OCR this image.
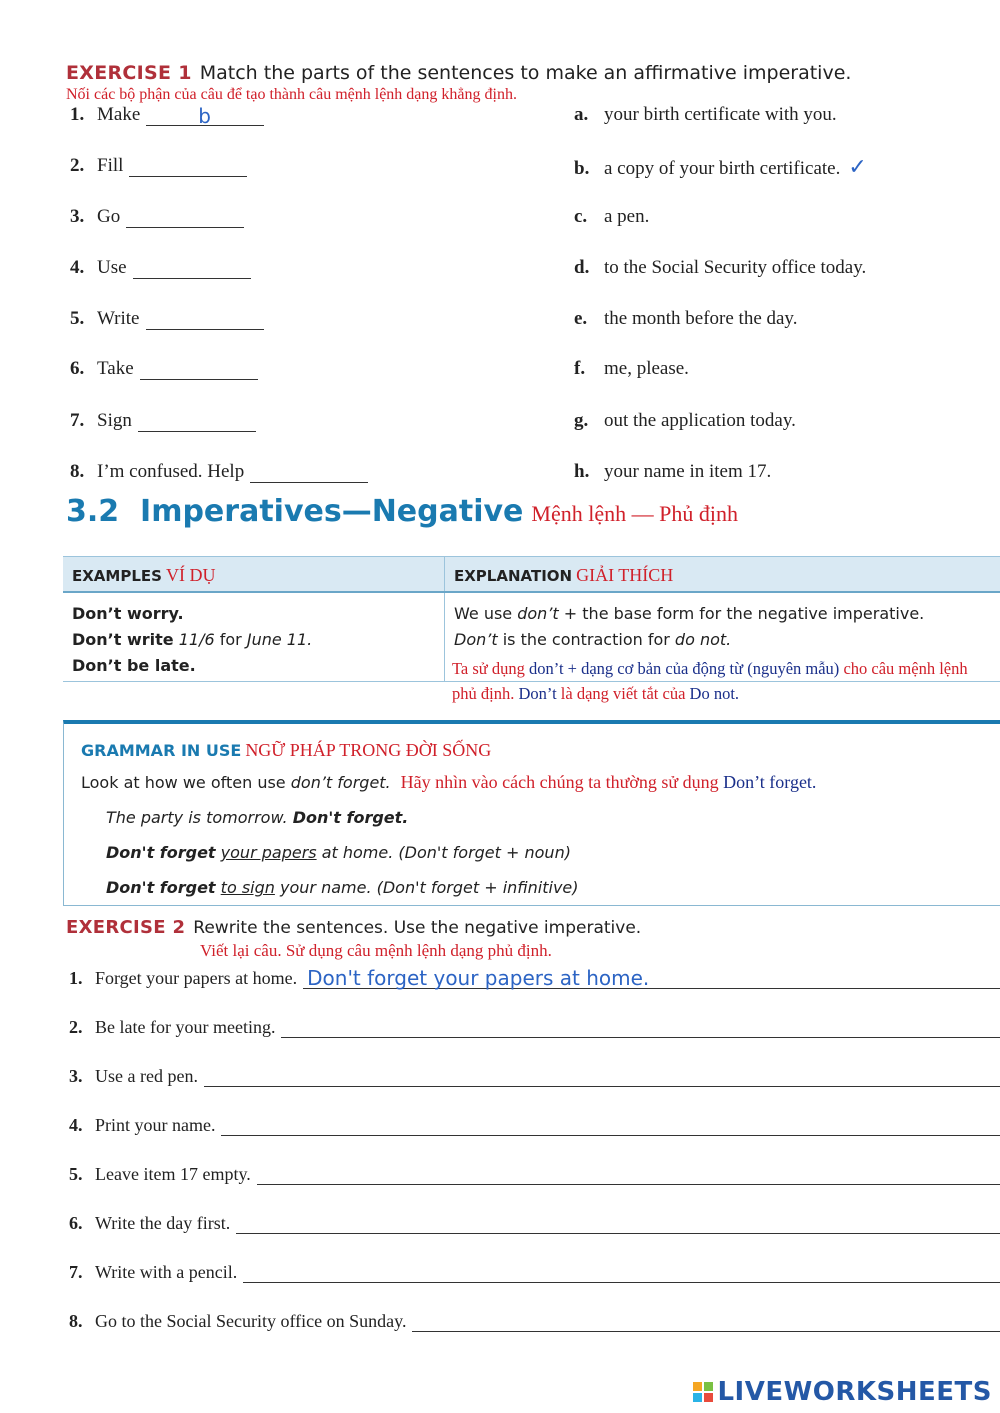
EXERCISE 1 Match the parts of the sentences to make an affirmative imperative.
Nối các bộ phận của câu để tạo thành câu mệnh lệnh dạng khẳng định.
1. Make	b
2. Fill
3. Go
4. Use
5. Write
6. Take
7. Sign
8. I’m confused. Help
a. your birth certificate with you.
b. a copy of your birth certificate. ✓
c. a pen.
d. to the Social Security office today.
e. the month before the day.
f. me, please.
g. out the application today.
h. your name in item 17.
3.2  Imperatives—Negative Mệnh lệnh — Phủ định
EXAMPLES VÍ DỤ	EXPLANATION GIẢI THÍCH
Don’t worry.
Don’t write 11/6 for June 11.
Don’t be late.
We use don’t + the base form for the negative imperative.
Don’t is the contraction for do not.
Ta sử dụng don’t + dạng cơ bản của động từ (nguyên mẫu) cho câu mệnh lệnh phủ định. Don’t là dạng viết tắt của Do not.
GRAMMAR IN USE NGỮ PHÁP TRONG ĐỜI SỐNG
Look at how we often use don’t forget. Hãy nhìn vào cách chúng ta thường sử dụng Don’t forget.
The party is tomorrow. Don't forget.
Don't forget your papers at home. (Don't forget + noun)
Don't forget to sign your name. (Don't forget + infinitive)
EXERCISE 2 Rewrite the sentences. Use the negative imperative.
Viết lại câu. Sử dụng câu mệnh lệnh dạng phủ định.
1. Forget your papers at home. Don't forget your papers at home.
2. Be late for your meeting.
3. Use a red pen.
4. Print your name.
5. Leave item 17 empty.
6. Write the day first.
7. Write with a pencil.
8. Go to the Social Security office on Sunday.
LIVEWORKSHEETS
